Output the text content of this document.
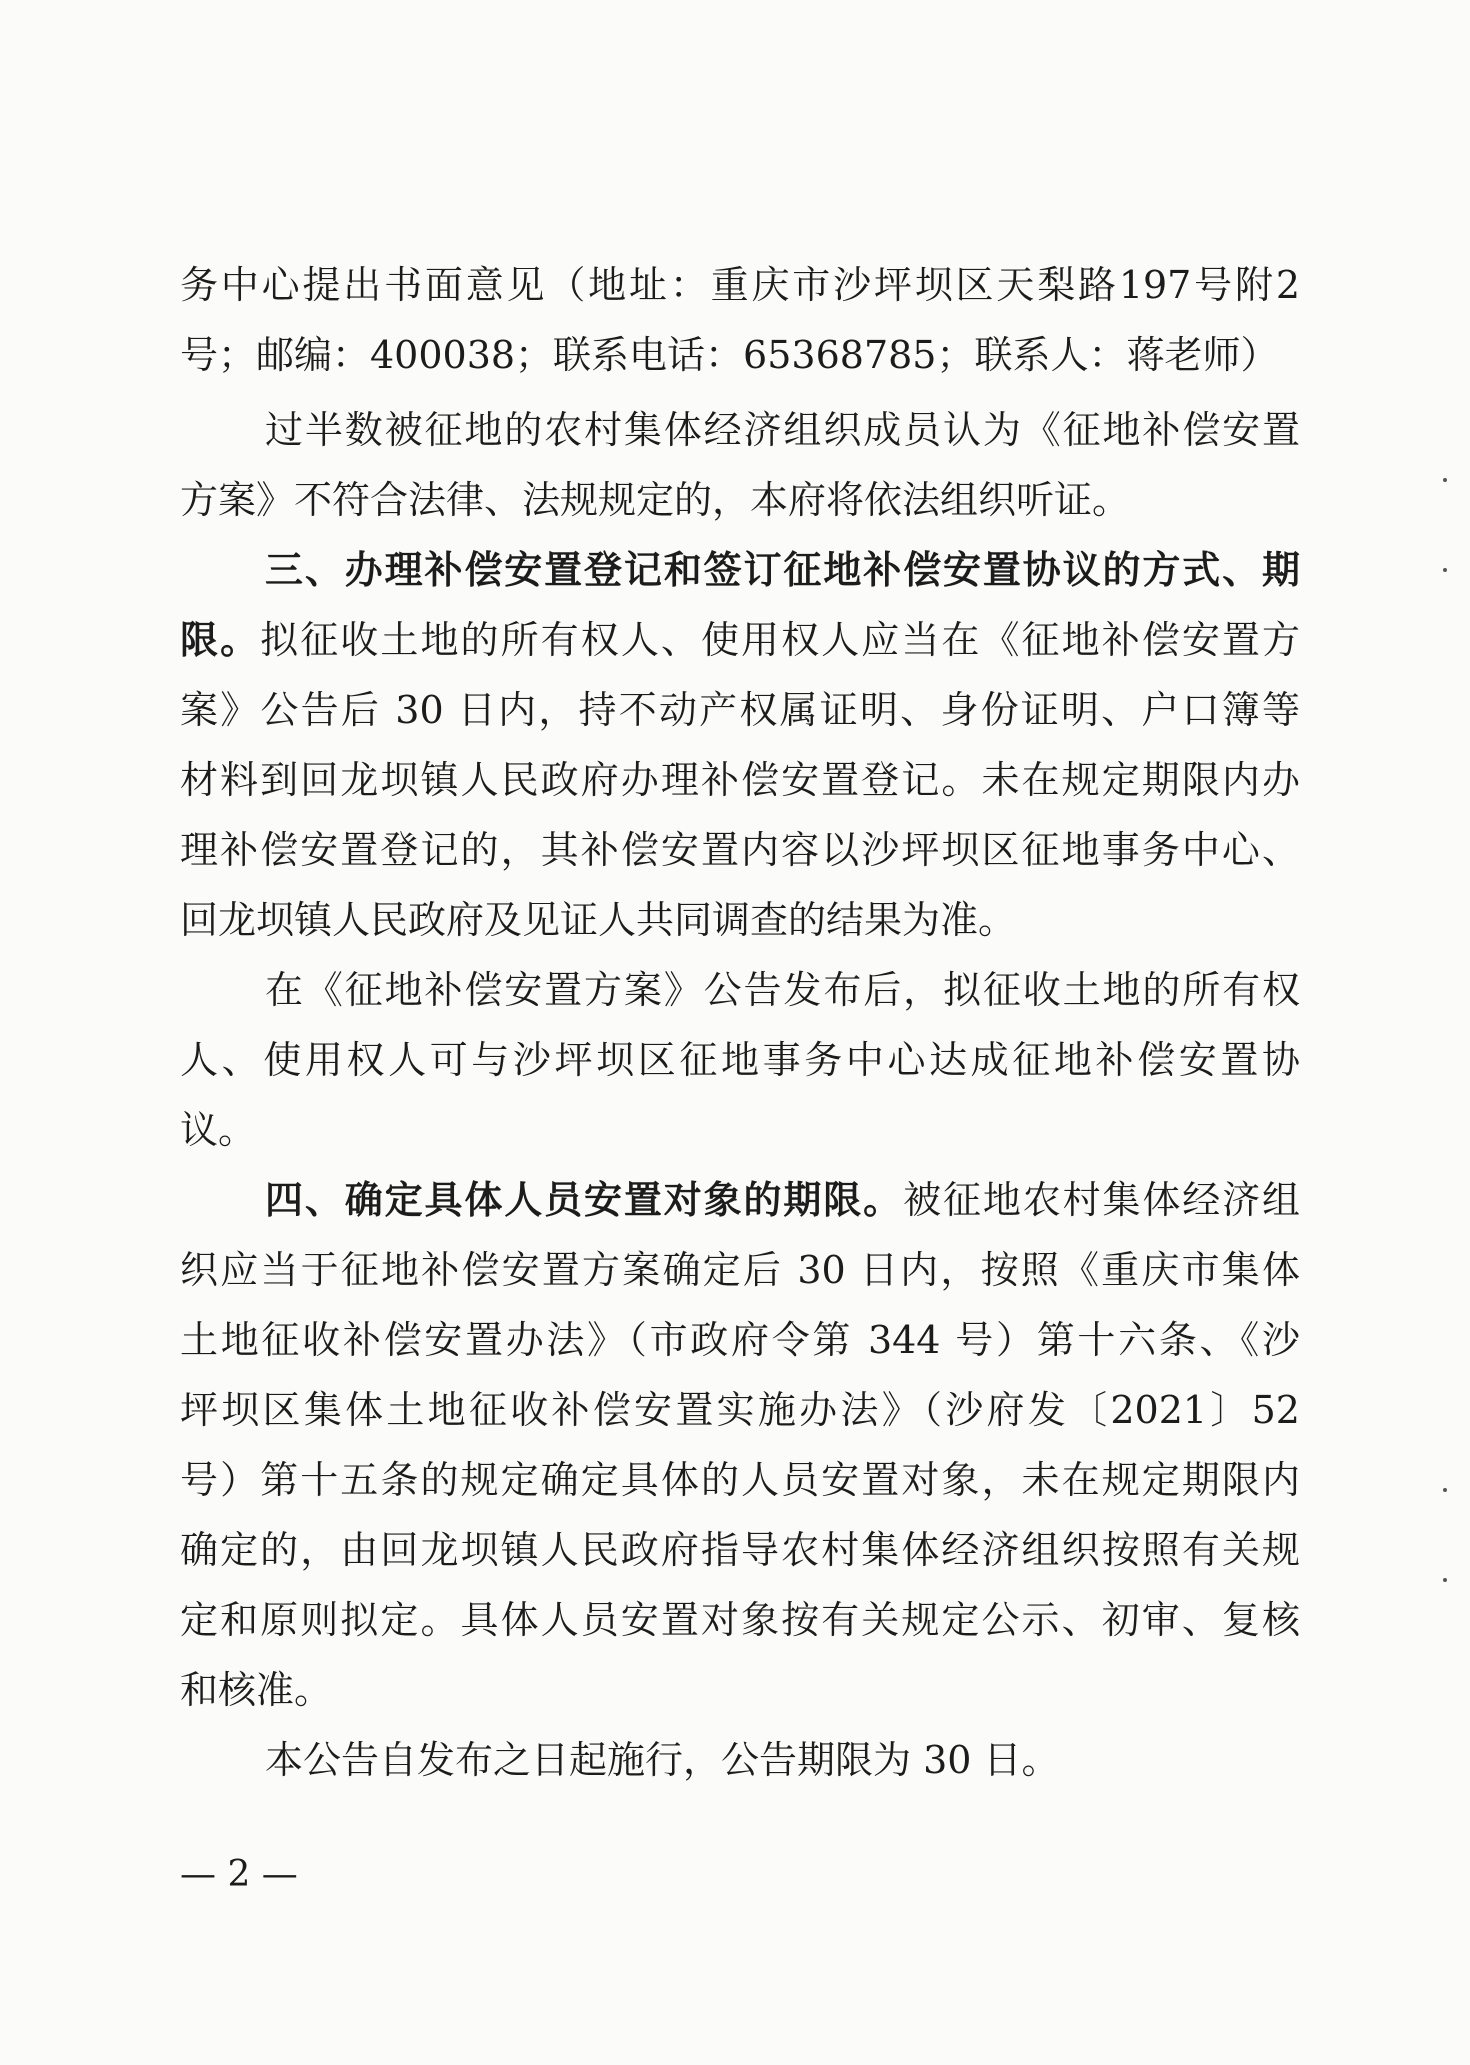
务中心提出书面意见（地址：重庆市沙坪坝区天梨路197号附2

号；邮编：400038；联系电话：65368785；联系人：蒋老师）

过半数被征地的农村集体经济组织成员认为《征地补偿安置

方案》不符合法律、法规规定的，本府将依法组织听证。

三、办理补偿安置登记和签订征地补偿安置协议的方式、期

限。拟征收土地的所有权人、使用权人应当在《征地补偿安置方

案》公告后 30 日内，持不动产权属证明、身份证明、户口簿等

材料到回龙坝镇人民政府办理补偿安置登记。未在规定期限内办

理补偿安置登记的，其补偿安置内容以沙坪坝区征地事务中心、

回龙坝镇人民政府及见证人共同调查的结果为准。

在《征地补偿安置方案》公告发布后，拟征收土地的所有权

人、使用权人可与沙坪坝区征地事务中心达成征地补偿安置协

议。

四、确定具体人员安置对象的期限。被征地农村集体经济组

织应当于征地补偿安置方案确定后 30 日内，按照《重庆市集体

土地征收补偿安置办法》（市政府令第 344 号）第十六条、《沙

坪坝区集体土地征收补偿安置实施办法》（沙府发〔2021〕52

号）第十五条的规定确定具体的人员安置对象，未在规定期限内

确定的，由回龙坝镇人民政府指导农村集体经济组织按照有关规

定和原则拟定。具体人员安置对象按有关规定公示、初审、复核

和核准。

本公告自发布之日起施行，公告期限为 30 日。

— 2 —
